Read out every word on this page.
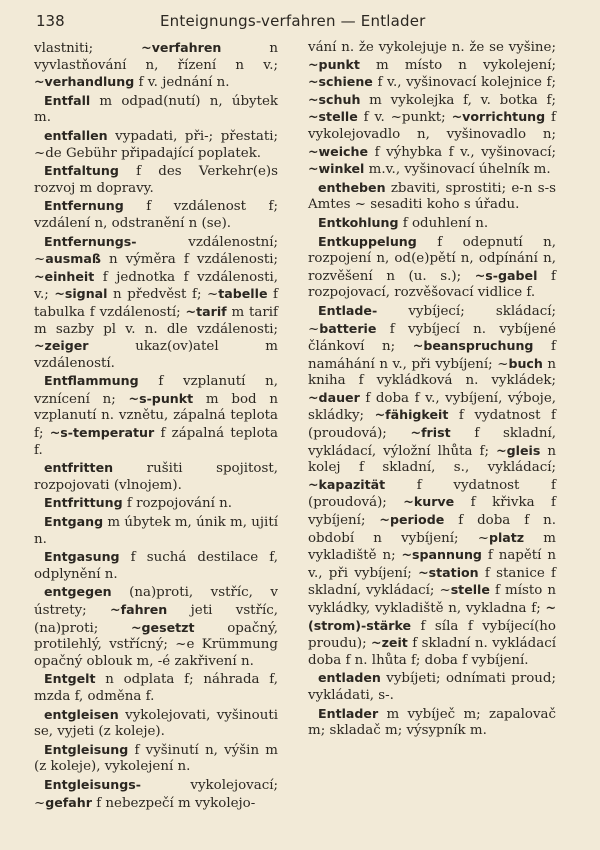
138	Enteignungs-verfahren — Entlader

vlastniti; ~verfahren n vyvlastňování n, řízení n v.; ~verhandlung f v. jednání n.

Entfall m odpad(nutí) n, úbytek m.

entfallen vypadati, při-; přestati; ~de Gebühr připadající poplatek.

Entfaltung f des Verkehr(e)s rozvoj m dopravy.

Entfernung f vzdálenost f; vzdálení n, odstranění n (se).

Entfernungs- vzdálenostní; ~ausmaß n výměra f vzdálenosti; ~einheit f jednotka f vzdálenosti, v.; ~signal n předvěst f; ~tabelle f tabulka f vzdáleností; ~tarif m tarif m sazby pl v. n. dle vzdálenosti; ~zeiger ukaz(ov)atel m vzdáleností.

Entflammung f vzplanutí n, vznícení n; ~s-punkt m bod n vzplanutí n. vznětu, zápalná teplota f; ~s-temperatur f zápalná teplota f.

entfritten rušiti spojitost, rozpojovati (vlnojem).

Entfrittung f rozpojování n.

Entgang m úbytek m, únik m, ujití n.

Entgasung f suchá destilace f, odplynění n.

entgegen (na)proti, vstříc, v ústrety; ~fahren jeti vstříc, (na)proti; ~gesetzt opačný, protilehlý, vstřícný; ~e Krümmung opačný oblouk m, -é zakřivení n.

Entgelt n odplata f; náhrada f, mzda f, odměna f.

entgleisen vykolejovati, vyšinouti se, vyjeti (z koleje).

Entgleisung f vyšinutí n, výšin m (z koleje), vykolejení n.

Entgleisungs- vykolejovací; ~gefahr f nebezpečí m vykolejo-

vání n. že vykolejuje n. že se vyšine; ~punkt m místo n vykolejení; ~schiene f v., vyšinovací kolejnice f; ~schuh m vykolejka f, v. botka f; ~stelle f v. ~punkt; ~vorrichtung f vykolejovadlo n, vyšinovadlo n; ~weiche f výhybka f v., vyšinovací; ~winkel m.v., vyšinovací úhelník m.

entheben zbaviti, sprostiti; e-n s-s Amtes ~ sesaditi koho s úřadu.

Entkohlung f oduhlení n.

Entkuppelung f odepnutí n, rozpojení n, od(e)pětí n, odpínání n, rozvěšení n (u. s.); ~s-gabel f rozpojovací, rozvěšovací vidlice f.

Entlade- vybíjecí; skládací; ~batterie f vybíjecí n. vybíjené článkoví n; ~beanspruchung f namáhání n v., při vybíjení; ~buch n kniha f vykládková n. vykládek; ~dauer f doba f v., vybíjení, výboje, skládky; ~fähigkeit f vydatnost f (proudová); ~frist f skladní, vykládací, výložní lhůta f; ~gleis n kolej f skladní, s., vykládací; ~kapazität f vydatnost f (proudová); ~kurve f křivka f vybíjení; ~periode f doba f n. období n vybíjení; ~platz m vykladiště n; ~spannung f napětí n v., při vybíjení; ~station f stanice f skladní, vykládací; ~stelle f místo n vykládky, vykladiště n, vykladna f; ~(strom)-stärke f síla f vybíjecí(ho proudu); ~zeit f skladní n. vykládací doba f n. lhůta f; doba f vybíjení.

entladen vybíjeti; odnímati proud; vykládati, s-.

Entlader m vybíječ m; zapalovač m; skladač m; výsypník m.
